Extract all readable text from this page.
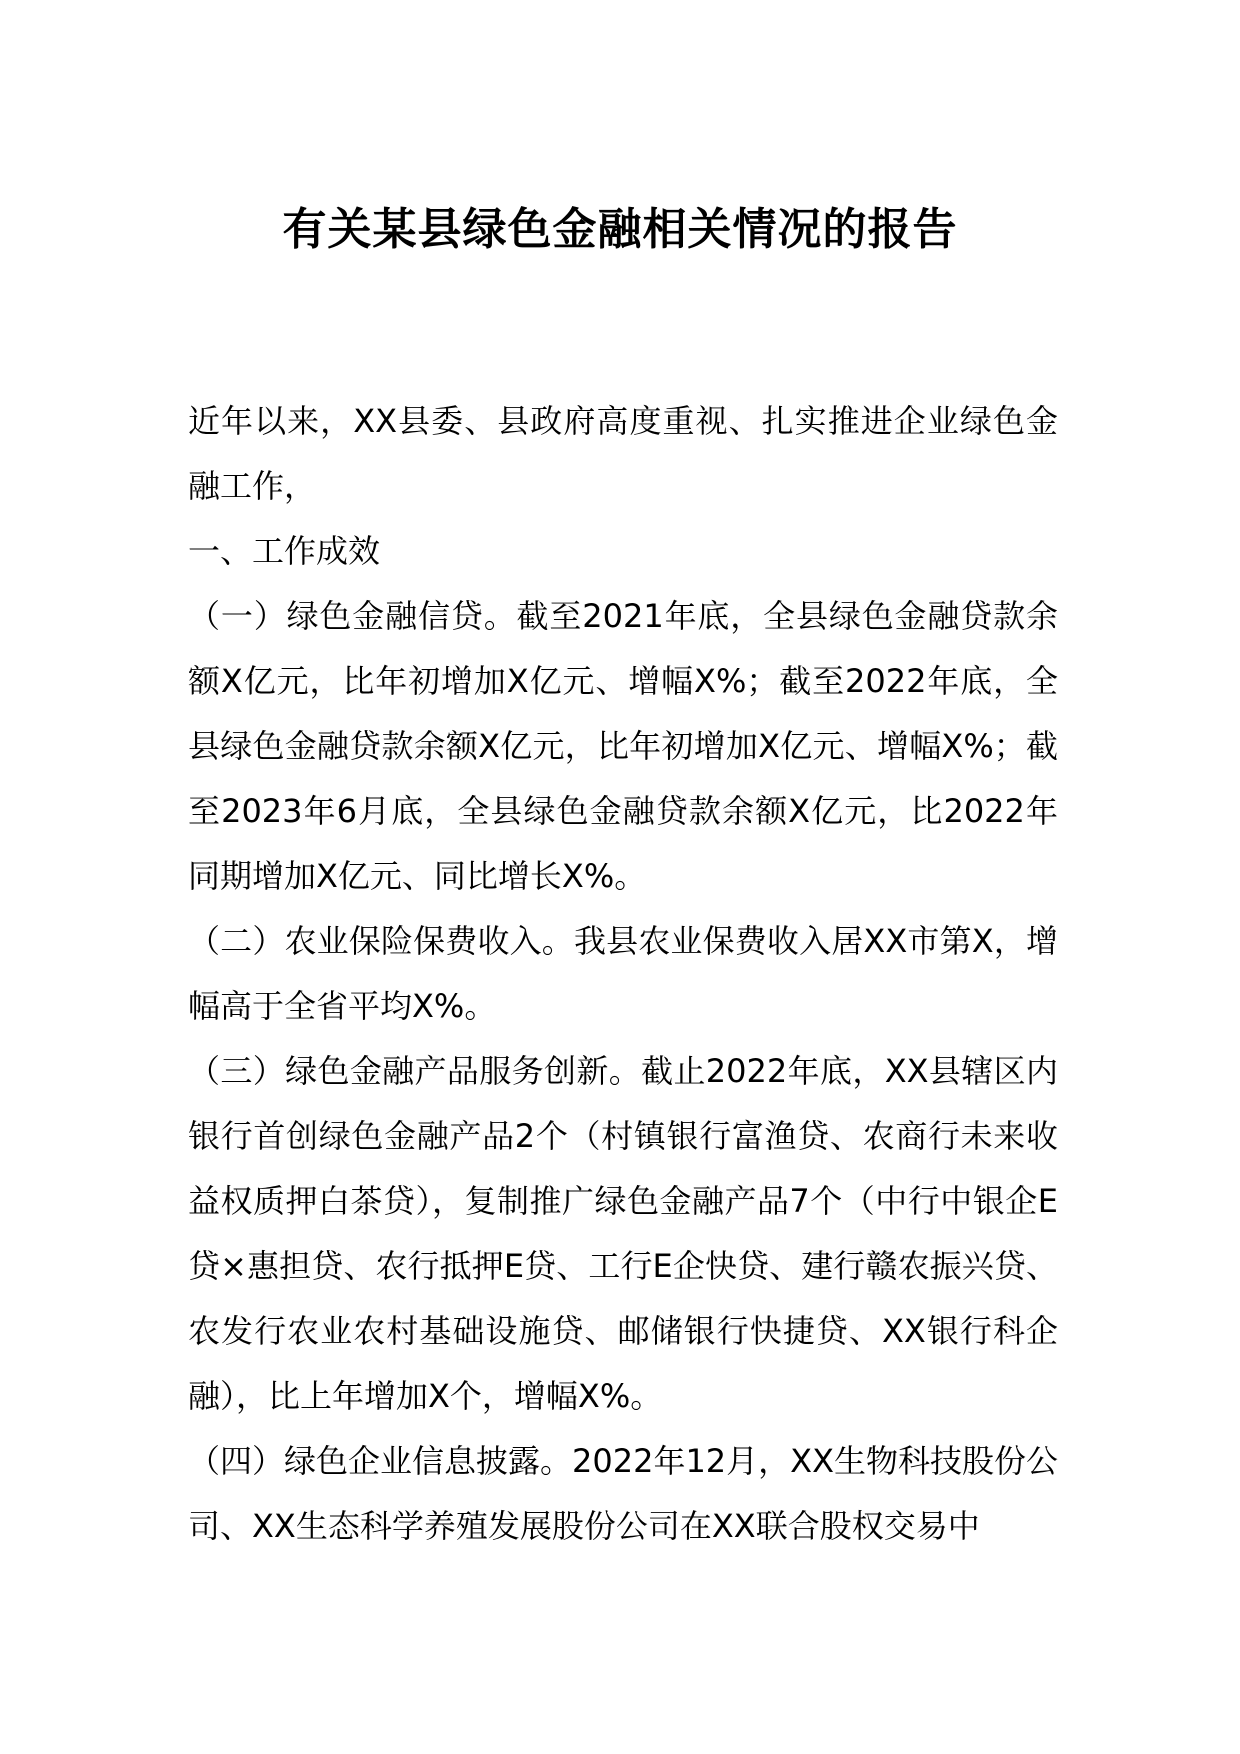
有关某县绿色金融相关情况的报告

近年以来，XX县委、县政府高度重视、扎实推进企业绿色金融工作，

一、工作成效

（一）绿色金融信贷。截至2021年底，全县绿色金融贷款余额X亿元，比年初增加X亿元、增幅X%；截至2022年底，全县绿色金融贷款余额X亿元，比年初增加X亿元、增幅X%；截至2023年6月底，全县绿色金融贷款余额X亿元，比2022年同期增加X亿元、同比增长X%。

（二）农业保险保费收入。我县农业保费收入居XX市第X，增幅高于全省平均X%。

（三）绿色金融产品服务创新。截止2022年底，XX县辖区内银行首创绿色金融产品2个（村镇银行富渔贷、农商行未来收益权质押白茶贷），复制推广绿色金融产品7个（中行中银企E贷×惠担贷、农行抵押E贷、工行E企快贷、建行赣农振兴贷、农发行农业农村基础设施贷、邮储银行快捷贷、XX银行科企融），比上年增加X个，增幅X%。

（四）绿色企业信息披露。2022年12月，XX生物科技股份公司、XX生态科学养殖发展股份公司在XX联合股权交易中
